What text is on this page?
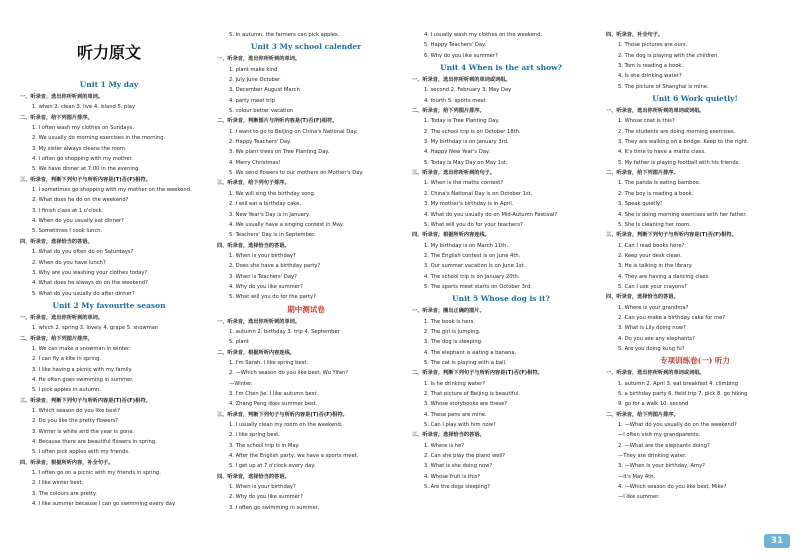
听力原文
Unit 1 My day
一、听录音，选出你所听到的单词。
1. when 2. clean 3. live 4. island 5. play
二、听录音，给下列图片排序。
1. I often wash my clothes on Sundays.
2. We usually do morning exercises in the morning.
3. My sister always cleans the room.
4. I often go shopping with my mother.
5. We have dinner at 7:00 in the evening.
三、听录音，判断下列句子与所听内容是(T)否(F)相符。
1. I sometimes go shopping with my mother on the weekend.
2. What does he do on the weekend?
3. I finish class at 1 o'clock.
4. When do you usually eat dinner?
5. Sometimes I cook lunch.
四、听录音，选择恰当的答语。
1. What do you often do on Saturdays?
2. When do you have lunch?
3. Why are you washing your clothes today?
4. What does he always do on the weekend?
5. What do you usually do after dinner?
Unit 2 My favourite season
一、听录音，选出你所听到的单词。
1. which 2. spring 3. lovely 4. grape 5. snowman
二、听录音，给下列图片排序。
1. We can make a snowman in winter.
2. I can fly a kite in spring.
3. I like having a picnic with my family.
4. He often goes swimming in summer.
5. I pick apples in autumn.
三、听录音，判断下列句子与所听内容是(T)否(F)相符。
1. Which season do you like best?
2. Do you like the pretty flowers?
3. Winter is white and the year is gone.
4. Because there are beautiful flowers in spring.
5. I often pick apples with my friends.
四、听录音，根据所听内容，补全句子。
1. I often go on a picnic with my friends in spring.
2. I like winter best.
3. The colours are pretty.
4. I like summer because I can go swimming every day.
5. In autumn, the farmers can pick apples.
Unit 3 My school calender
一、听录音，选出你所听到的单词。
1. plant make kind
2. July June October
3. December August March
4. party meet trip
5. colour better vacation
二、听录音，判断图片与所听内容是(T)否(F)相符。
1. I want to go to Beijing on China's National Day.
2. Happy Teachers' Day.
3. We plant trees on Tree Planting Day.
4. Merry Christmas!
5. We send flowers to our mothers on Mother's Day.
三、听录音，给下列句子排序。
1. We will sing the birthday song.
2. I will eat a birthday cake.
3. New Year's Day is in January.
4. We usually have a singing contest in May.
5. Teachers' Day is in September.
四、听录音，选择恰当的答语。
1. When is your birthday?
2. Does she have a birthday party?
3. When is Teachers' Day?
4. Why do you like summer?
5. What will you do for the party?
期中测试卷
一、听录音，选出你所听到的单词。
1. autumn 2. birthday 3. trip 4. September
5. plant
二、听录音，根据所听内容连线。
1. I'm Sarah. I like spring best.
2. —Which season do you like best, Wu Yifan?
—Winter.
3. I'm Chen Jie. I like autumn best.
4. Zhang Peng likes summer best.
三、听录音，判断下列句子与所听内容是(T)否(F)相符。
1. I usually clean my room on the weekend.
2. I like spring best.
3. The school trip is in May.
4. After the English party, we have a sports meet.
5. I get up at 7 o'clock every day.
四、听录音，选择恰当的答语。
1. When is your birthday?
2. Why do you like summer?
3. I often go swimming in summer.
4. I usually wash my clothes on the weekend.
5. Happy Teachers' Day.
6. Why do you like summer?
Unit 4 When is the art show?
一、听录音，选出你所听到的单词或词组。
1. second 2. February 3. May Day
4. fourth 5. sports meet
二、听录音，给下列图片排序。
1. Today is Tree Planting Day.
2. The school trip is on October 18th.
3. My birthday is on January 3rd.
4. Happy New Year's Day.
5. Today is May Day on May 1st.
三、听录音，选出你所听到的句子。
1. When is the maths contest?
2. China's National Day is on October 1st.
3. My mother's birthday is in April.
4. What do you usually do on Mid-Autumn Festival?
5. What will you do for your teachers?
四、听录音，根据所听内容连线。
1. My birthday is on March 11th.
2. The English contest is on June 4th.
3. Our summer vacation is on June 1st.
4. The school trip is on January 20th.
5. The sports meet starts on October 3rd.
Unit 5 Whose dog is it?
一、听录音，圈出正确的图片。
1. The book is hers.
2. The girl is jumping.
3. The dog is sleeping.
4. The elephant is eating a banana.
5. The cat is playing with a ball.
二、听录音，判断下列句子与所听内容是(T)否(F)相符。
1. Is he drinking water?
2. That picture of Beijing is beautiful.
3. Whose storybooks are these?
4. These pens are mine.
5. Can I play with him now?
三、听录音，选择恰当的答语。
1. Where is he?
2. Can she play the piano well?
3. What is she doing now?
4. Whose fruit is this?
5. Are the dogs sleeping?
四、听录音，补全句子。
1. Those pictures are ours.
2. The dog is playing with the children.
3. Tom is reading a book.
4. Is she drinking water?
5. The picture of Shanghai is mine.
Unit 6 Work quietly!
一、听录音，选出你所听到的单词或词组。
1. Whose coat is this?
2. The students are doing morning exercises.
3. They are walking on a bridge. Keep to the right.
4. It's time to have a maths class.
5. My father is playing football with his friends.
二、听录音，给下列图片排序。
1. The panda is eating bamboo.
2. The boy is reading a book.
3. Speak quietly!
4. She is doing morning exercises with her father.
5. She is cleaning her room.
三、听录音，判断下列句子与所听内容是(T)否(F)相符。
1. Can I read books here?
2. Keep your desk clean.
3. He is talking in the library.
4. They are having a dancing class.
5. Can I use your crayons?
四、听录音，选择恰当的答语。
1. Where is your grandma?
2. Can you make a birthday cake for me?
3. What is Lily doing now?
4. Do you see any elephants?
5. Are you doing kung fu?
专项训练卷(一) 听力
一、听录音，选出你所听到的单词或词组。
1. autumn 2. April 3. eat breakfast 4. climbing
5. a birthday party 6. field trip 7. pick 8. go hiking
9. go for a walk 10. second
二、听录音，给下列图片排序。
1. —What do you usually do on the weekend?
—I often visit my grandparents.
2. —What are the elephants doing?
—They are drinking water.
3. —When is your birthday, Amy?
—It's May 4th.
4. —Which season do you like best, Mike?
—I like summer.
31
